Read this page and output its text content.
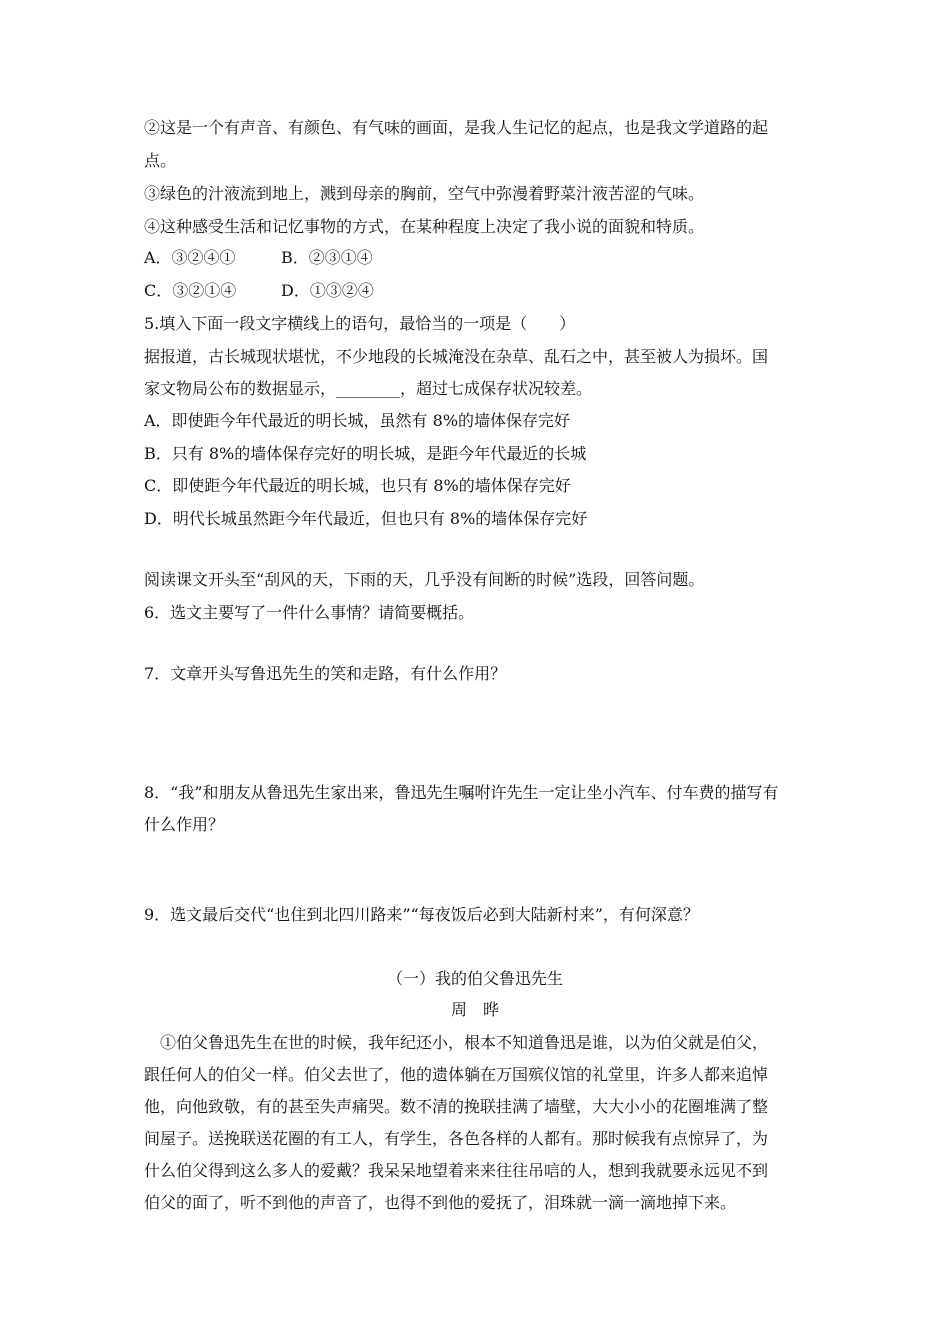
②这是一个有声音、有颜色、有气味的画面，是我人生记忆的起点，也是我文学道路的起
点。
③绿色的汁液流到地上，溅到母亲的胸前，空气中弥漫着野菜汁液苦涩的气味。
④这种感受生活和记忆事物的方式，在某种程度上决定了我小说的面貌和特质。
A．③②④①	B．②③①④
C．③②①④	D．①③②④
5.填入下面一段文字横线上的语句，最恰当的一项是（　　）
据报道，古长城现状堪忧，不少地段的长城淹没在杂草、乱石之中，甚至被人为损坏。国
家文物局公布的数据显示，________，超过七成保存状况较差。
A．即使距今年代最近的明长城，虽然有 8%的墙体保存完好
B．只有 8%的墙体保存完好的明长城，是距今年代最近的长城
C．即使距今年代最近的明长城，也只有 8%的墙体保存完好
D．明代长城虽然距今年代最近，但也只有 8%的墙体保存完好
阅读课文开头至“刮风的天，下雨的天，几乎没有间断的时候”选段，回答问题。
6．选文主要写了一件什么事情？请简要概括。
7．文章开头写鲁迅先生的笑和走路，有什么作用？
8．“我”和朋友从鲁迅先生家出来，鲁迅先生嘱咐许先生一定让坐小汽车、付车费的描写有
什么作用？
9．选文最后交代“也住到北四川路来”“每夜饭后必到大陆新村来”，有何深意？
（一）我的伯父鲁迅先生
周　晔
　①伯父鲁迅先生在世的时候，我年纪还小，根本不知道鲁迅是谁，以为伯父就是伯父，
跟任何人的伯父一样。伯父去世了，他的遗体躺在万国殡仪馆的礼堂里，许多人都来追悼
他，向他致敬，有的甚至失声痛哭。数不清的挽联挂满了墙壁，大大小小的花圈堆满了整
间屋子。送挽联送花圈的有工人，有学生，各色各样的人都有。那时候我有点惊异了，为
什么伯父得到这么多人的爱戴？我呆呆地望着来来往往吊唁的人，想到我就要永远见不到
伯父的面了，听不到他的声音了，也得不到他的爱抚了，泪珠就一滴一滴地掉下来。
